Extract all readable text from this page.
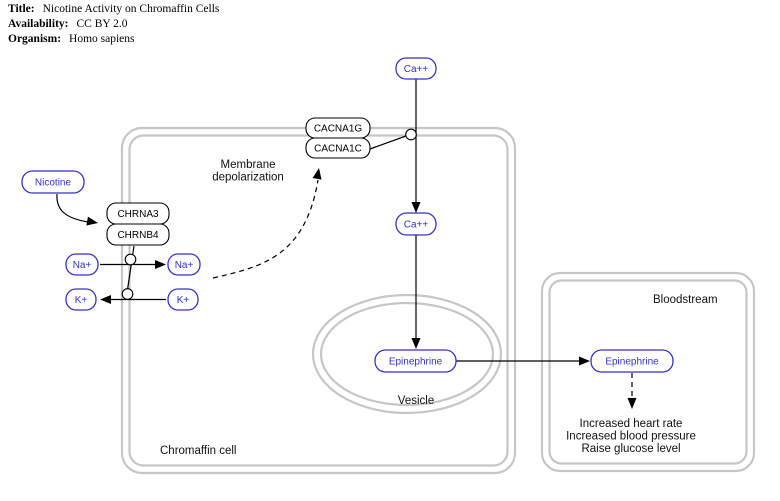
Title: Nicotine Activity on Chromaffin Cells
Availability: CC BY 2.0
Organism: Homo sapiens
CHRNA3
CHRNB4
CACNA1G
CACNA1C
Nicotine
Na+	Na+
K+	K+
Ca++
Ca++
Epinephrine	Epinephrine
Membrane
depolarization
Vesicle
Chromaffin cell
Bloodstream
Increased heart rate
Increased blood pressure
Raise glucose level
